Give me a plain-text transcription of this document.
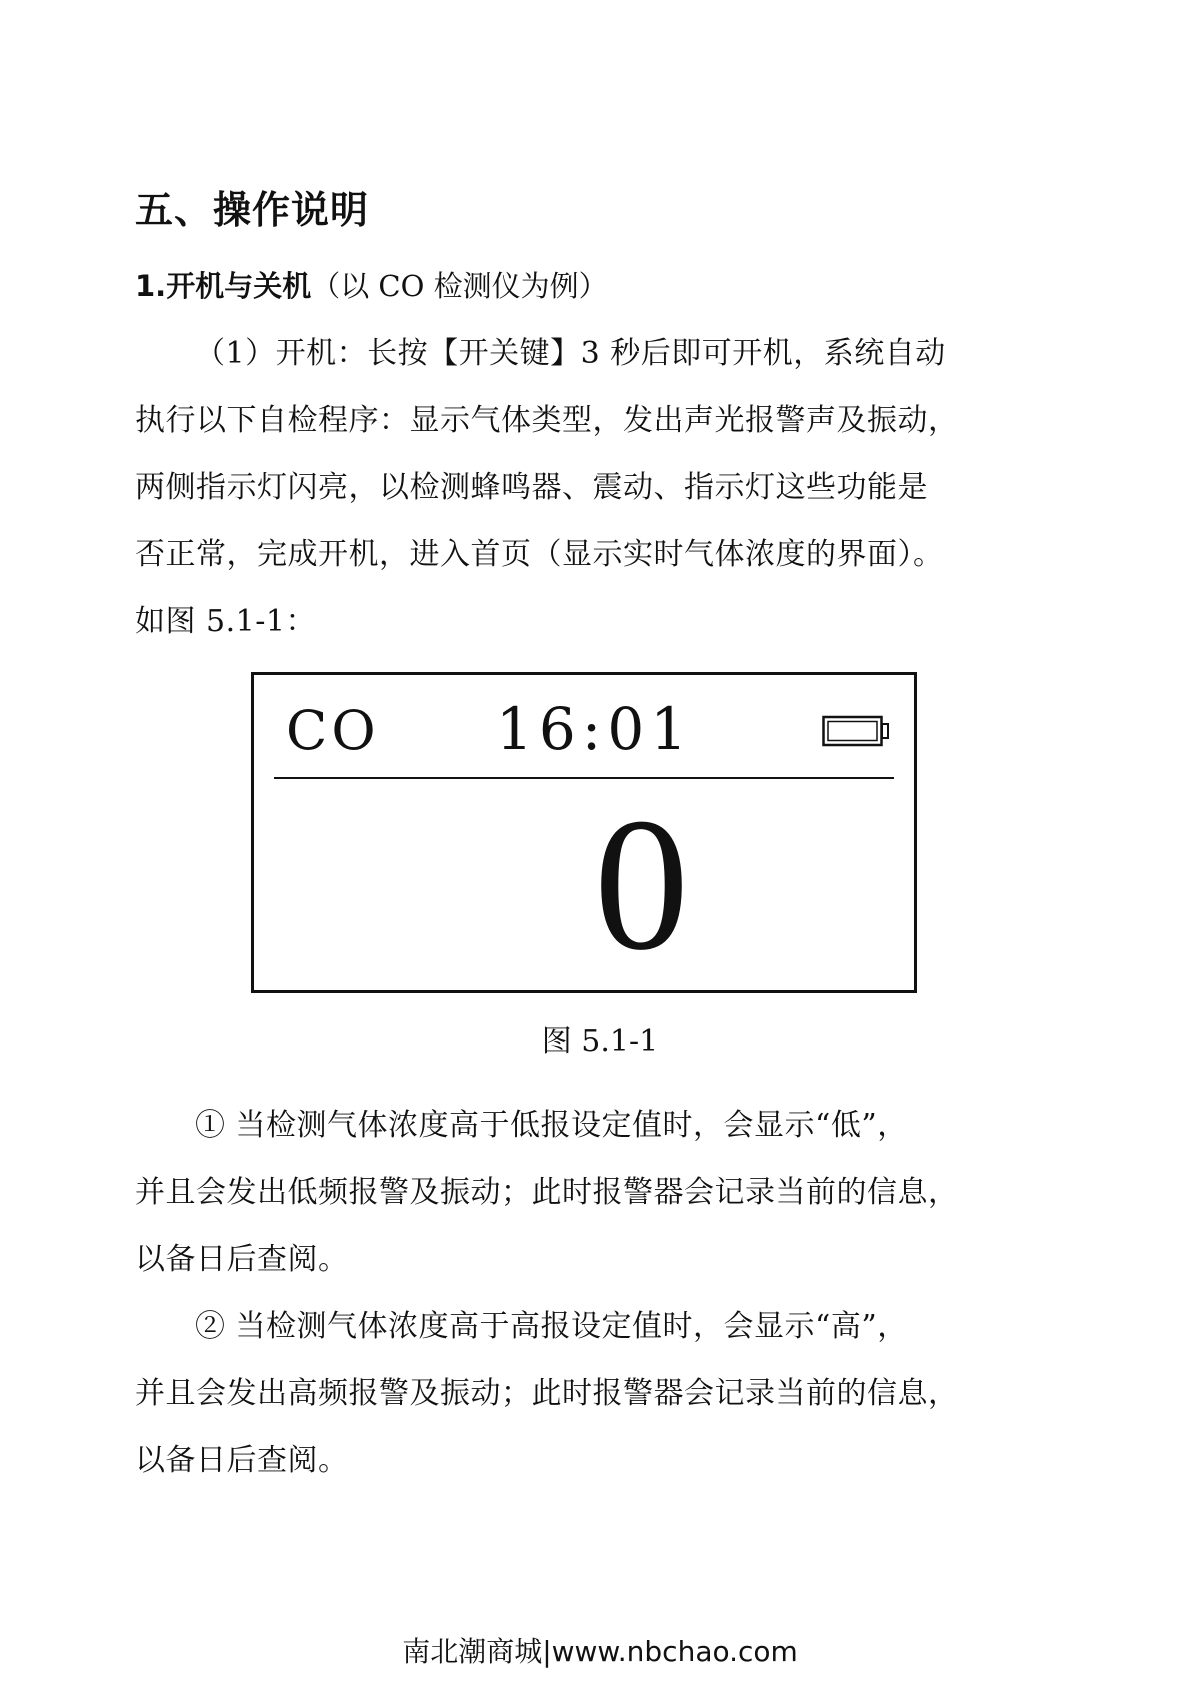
五、操作说明
1.开机与关机（以 CO 检测仪为例）

（1）开机：长按【开关键】3 秒后即可开机，系统自动
执行以下自检程序：显示气体类型，发出声光报警声及振动，
两侧指示灯闪亮，以检测蜂鸣器、震动、指示灯这些功能是
否正常，完成开机，进入首页（显示实时气体浓度的界面）。
如图 5.1-1：

CO 16:01
0
图 5.1-1

① 当检测气体浓度高于低报设定值时，会显示“低”，
并且会发出低频报警及振动；此时报警器会记录当前的信息，
以备日后查阅。

② 当检测气体浓度高于高报设定值时，会显示“高”，
并且会发出高频报警及振动；此时报警器会记录当前的信息，
以备日后查阅。

南北潮商城|www.nbchao.com
